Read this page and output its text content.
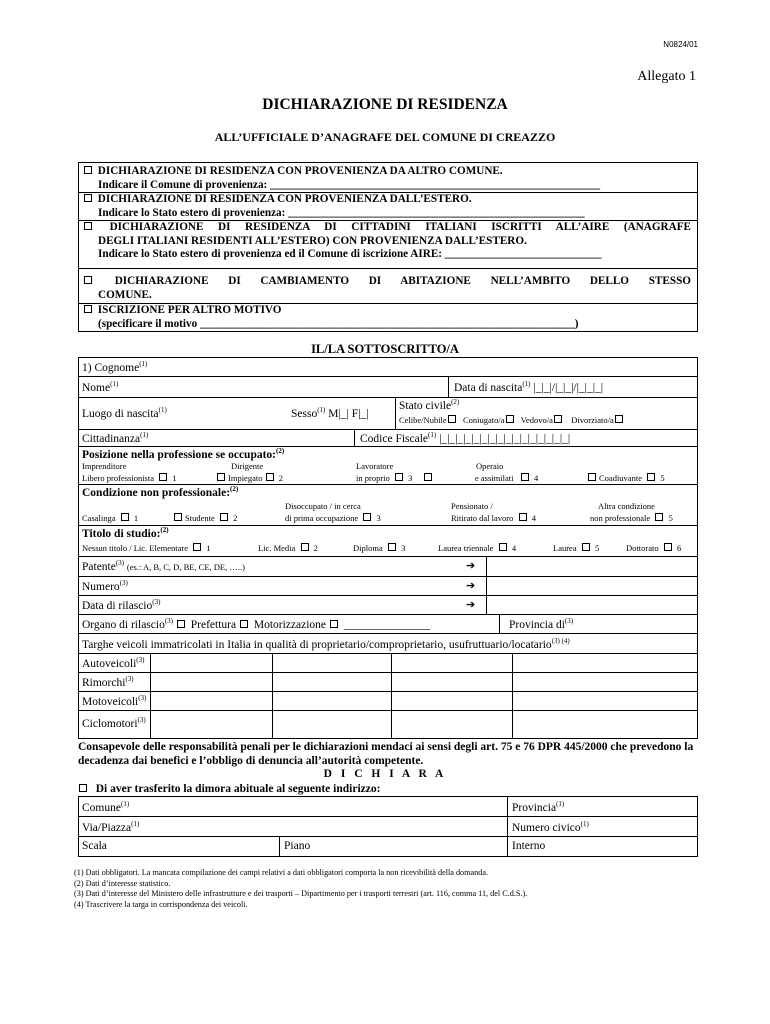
N0824/01
Allegato 1
DICHIARAZIONE DI RESIDENZA
ALL’UFFICIALE D’ANAGRAFE DEL COMUNE DI CREAZZO
DICHIARAZIONE DI RESIDENZA CON PROVENIENZA DA ALTRO COMUNE.
Indicare il Comune di provenienza: ___________________________________________________________
DICHIARAZIONE DI RESIDENZA CON PROVENIENZA DALL’ESTERO.
Indicare lo Stato estero di provenienza: _____________________________________________________
DICHIARAZIONE DI RESIDENZA DI CITTADINI ITALIANI ISCRITTI ALL’AIRE (ANAGRAFE
DEGLI ITALIANI RESIDENTI ALL’ESTERO) CON PROVENIENZA DALL’ESTERO.
Indicare lo Stato estero di provenienza ed il Comune di iscrizione AIRE: ____________________________
DICHIARAZIONE DI CAMBIAMENTO DI ABITAZIONE NELL’AMBITO DELLO STESSO
COMUNE.
ISCRIZIONE PER ALTRO MOTIVO
(specificare il motivo ___________________________________________________________________)
IL/LA SOTTOSCRITTO/A
1) Cognome$^{(1)}$
Nome$^{(1)}$	Data di nascita$^{(1)}$ |_|_|/|_|_|/|_|_|_|
Luogo di nascita$^{(1)}$	Sesso$^{(1)}$ M|_| F|_|
Stato civile$^{(2)}$
Celibe/Nubile Coniugato/a Vedovo/a Divorziato/a
Cittadinanza$^{(1)}$	Codice Fiscale$^{(1)}$ |_|_|_|_|_|_|_|_|_|_|_|_|_|_|_|_|
Posizione nella professione se occupato:$^{(2)}$
Imprenditore
Libero professionista 1
Dirigente
Impiegato 2
Lavoratore
in proprio 3
Operaio
e assimilati 4	Coadiuvante 5
Condizione non professionale:$^{(2)}$
Casalinga 1	Studente 2
Disoccupato / in cerca
di prima occupazione 3
Pensionato /
Ritirato dal lavoro 4
Altra condizione
non professionale 5
Titolo di studio:$^{(2)}$
Nessun titolo / Lic. Elementare 1	Lic. Media 2	Diploma 3	Laurea triennale 4	Laurea 5	Dottorato 6
Patente$^{(3)}$ (es.: A, B, C, D, BE, CE, DE, …..)	➔
Numero$^{(3)}$	➔
Data di rilascio$^{(3)}$	➔
Organo di rilascio$^{(3)}$ Prefettura Motorizzazione _______________	Provincia $di^{(3)}$
Targhe veicoli immatricolati in Italia in qualità di proprietario/comproprietario, usufruttuario/locatario$^{(3) (4)}$
Autoveicoli$^{(3)}$
Rimorchi$^{(3)}$
Motoveicoli$^{(3)}$
Ciclomotori$^{(3)}$
Consapevole delle responsabilità penali per le dichiarazioni mendaci ai sensi degli art. 75 e 76 DPR 445/2000 che prevedono la decadenza dai benefici e l’obbligo di denuncia all’autorità competente.
D I C H I A R A
Di aver trasferito la dimora abituale al seguente indirizzo:
Comune$^{(1)}$	Provincia$^{(1)}$
Via/Piazza$^{(1)}$	Numero civico$^{(1)}$
Scala	Piano	Interno
(1) Dati obbligatori. La mancata compilazione dei campi relativi a dati obbligatori comporta la non ricevibilità della domanda.
(2) Dati d’interesse statistico.
(3) Dati d’interesse del Ministero delle infrastrutture e dei trasporti – Dipartimento per i trasporti terrestri (art. 116, comma 11, del C.d.S.).
(4) Trascrivere la targa in corrispondenza dei veicoli.
